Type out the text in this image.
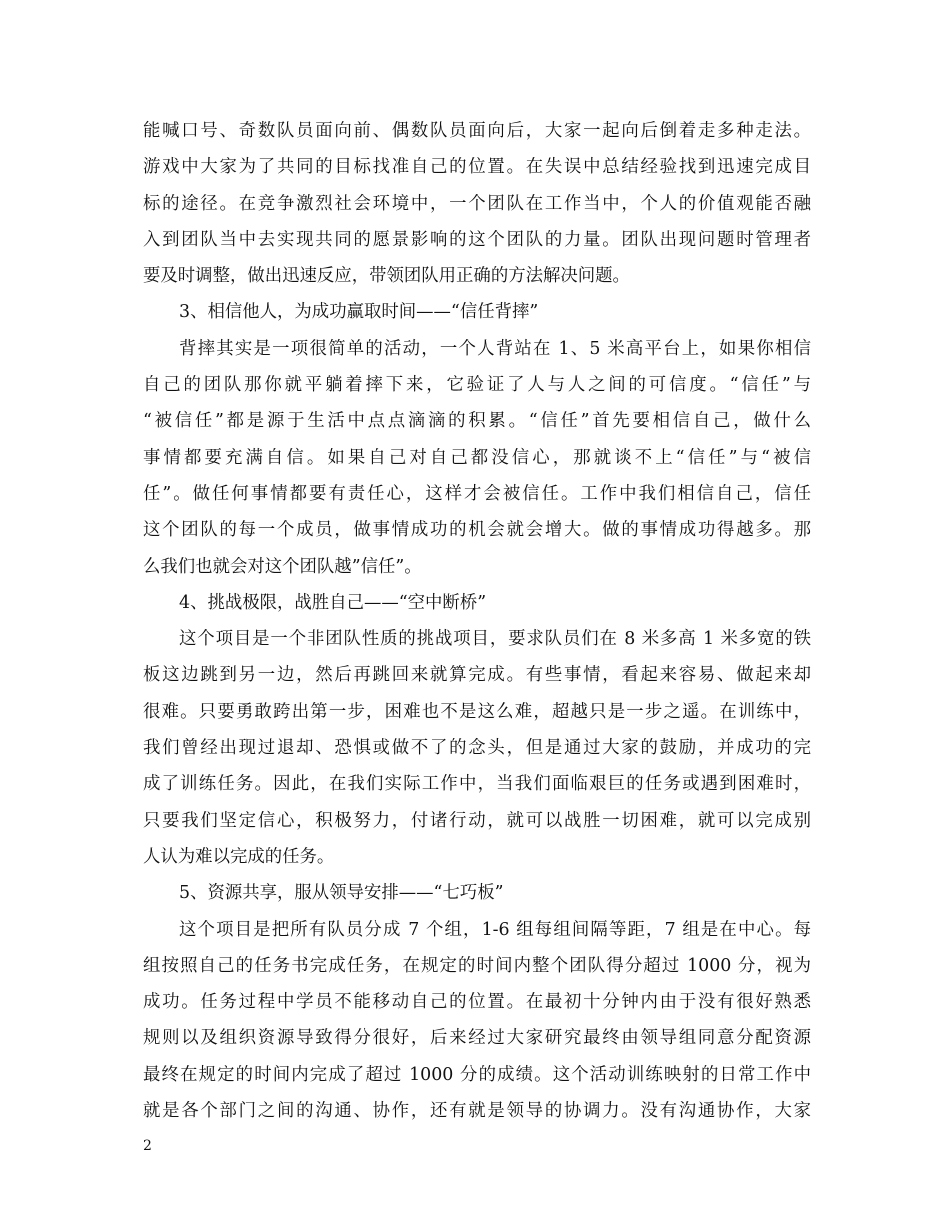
能喊口号、奇数队员面向前、偶数队员面向后，大家一起向后倒着走多种走法。
游戏中大家为了共同的目标找准自己的位置。在失误中总结经验找到迅速完成目
标的途径。在竞争激烈社会环境中，一个团队在工作当中，个人的价值观能否融
入到团队当中去实现共同的愿景影响的这个团队的力量。团队出现问题时管理者
要及时调整，做出迅速反应，带领团队用正确的方法解决问题。
3、相信他人，为成功赢取时间——“信任背摔”
背摔其实是一项很简单的活动，一个人背站在 1、5 米高平台上，如果你相信
自己的团队那你就平躺着摔下来，它验证了人与人之间的可信度。“信任”与
“被信任”都是源于生活中点点滴滴的积累。“信任”首先要相信自己，做什么
事情都要充满自信。如果自己对自己都没信心，那就谈不上“信任”与“被信
任”。做任何事情都要有责任心，这样才会被信任。工作中我们相信自己，信任
这个团队的每一个成员，做事情成功的机会就会增大。做的事情成功得越多。那
么我们也就会对这个团队越”信任”。
4、挑战极限，战胜自己——“空中断桥”
这个项目是一个非团队性质的挑战项目，要求队员们在 8 米多高 1 米多宽的铁
板这边跳到另一边，然后再跳回来就算完成。有些事情，看起来容易、做起来却
很难。只要勇敢跨出第一步，困难也不是这么难，超越只是一步之遥。在训练中，
我们曾经出现过退却、恐惧或做不了的念头，但是通过大家的鼓励，并成功的完
成了训练任务。因此，在我们实际工作中，当我们面临艰巨的任务或遇到困难时，
只要我们坚定信心，积极努力，付诸行动，就可以战胜一切困难，就可以完成别
人认为难以完成的任务。
5、资源共享，服从领导安排——“七巧板”
这个项目是把所有队员分成 7 个组，1-6 组每组间隔等距，7 组是在中心。每
组按照自己的任务书完成任务，在规定的时间内整个团队得分超过 1000 分，视为
成功。任务过程中学员不能移动自己的位置。在最初十分钟内由于没有很好熟悉
规则以及组织资源导致得分很好，后来经过大家研究最终由领导组同意分配资源
最终在规定的时间内完成了超过 1000 分的成绩。这个活动训练映射的日常工作中
就是各个部门之间的沟通、协作，还有就是领导的协调力。没有沟通协作，大家
2
